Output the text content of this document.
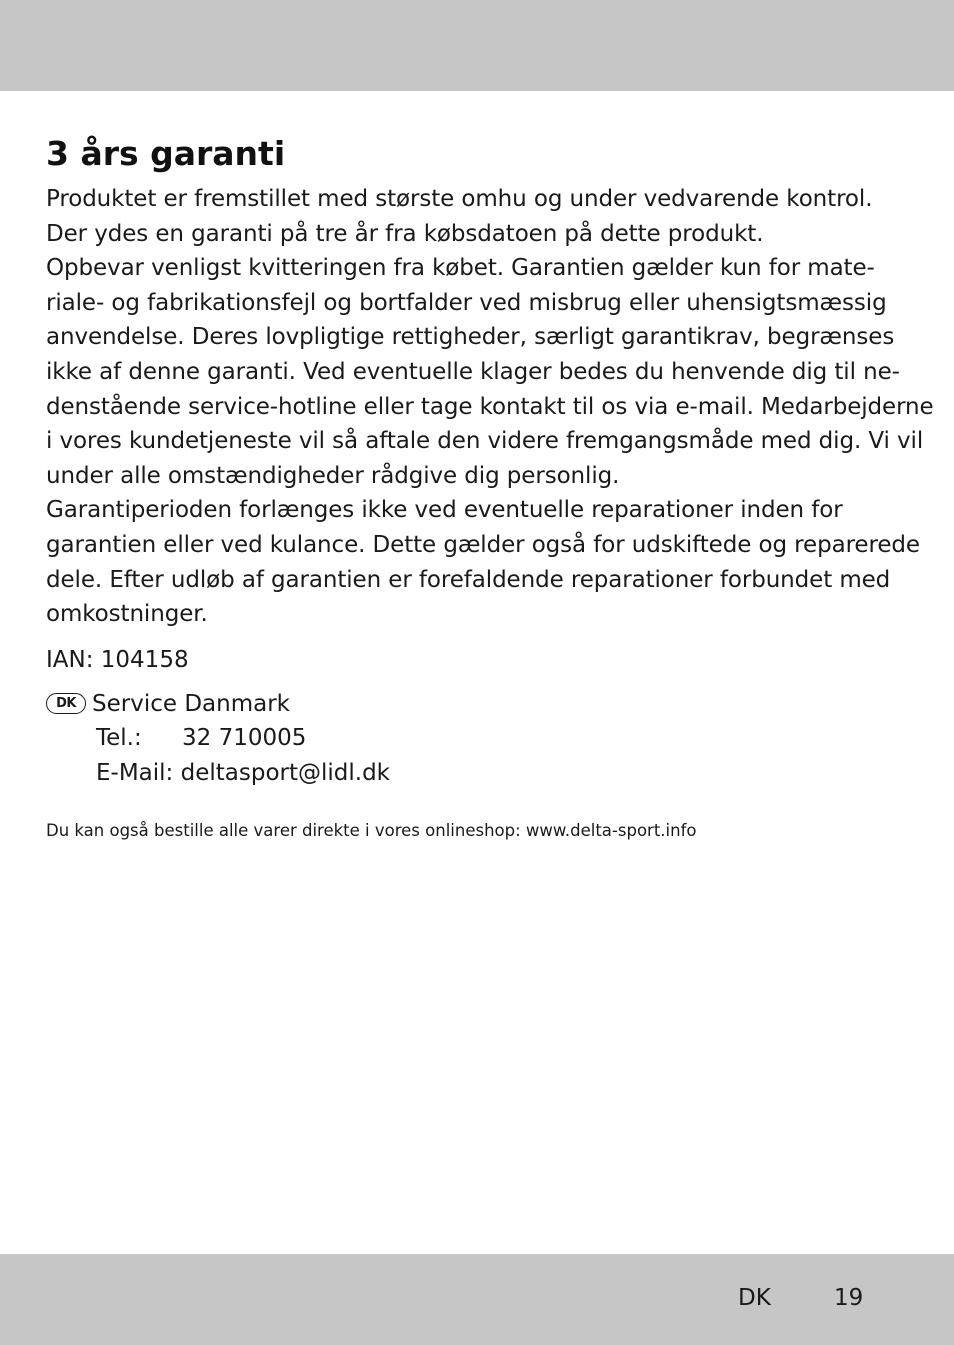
3 års garanti
Produktet er fremstillet med største omhu og under vedvarende kontrol.
Der ydes en garanti på tre år fra købsdatoen på dette produkt.
Opbevar venligst kvitteringen fra købet. Garantien gælder kun for mate-
riale- og fabrikationsfejl og bortfalder ved misbrug eller uhensigtsmæssig
anvendelse. Deres lovpligtige rettigheder, særligt garantikrav, begrænses
ikke af denne garanti. Ved eventuelle klager bedes du henvende dig til ne-
denstående service-hotline eller tage kontakt til os via e-mail. Medarbejderne
i vores kundetjeneste vil så aftale den videre fremgangsmåde med dig. Vi vil
under alle omstændigheder rådgive dig personlig.
Garantiperioden forlænges ikke ved eventuelle reparationer inden for
garantien eller ved kulance. Dette gælder også for udskiftede og reparerede
dele. Efter udløb af garantien er forefaldende reparationer forbundet med
omkostninger.
IAN: 104158
DK Service Danmark
Tel.: 32 710005
E-Mail: deltasport@lidl.dk
Du kan også bestille alle varer direkte i vores onlineshop: www.delta-sport.info
DK	19
